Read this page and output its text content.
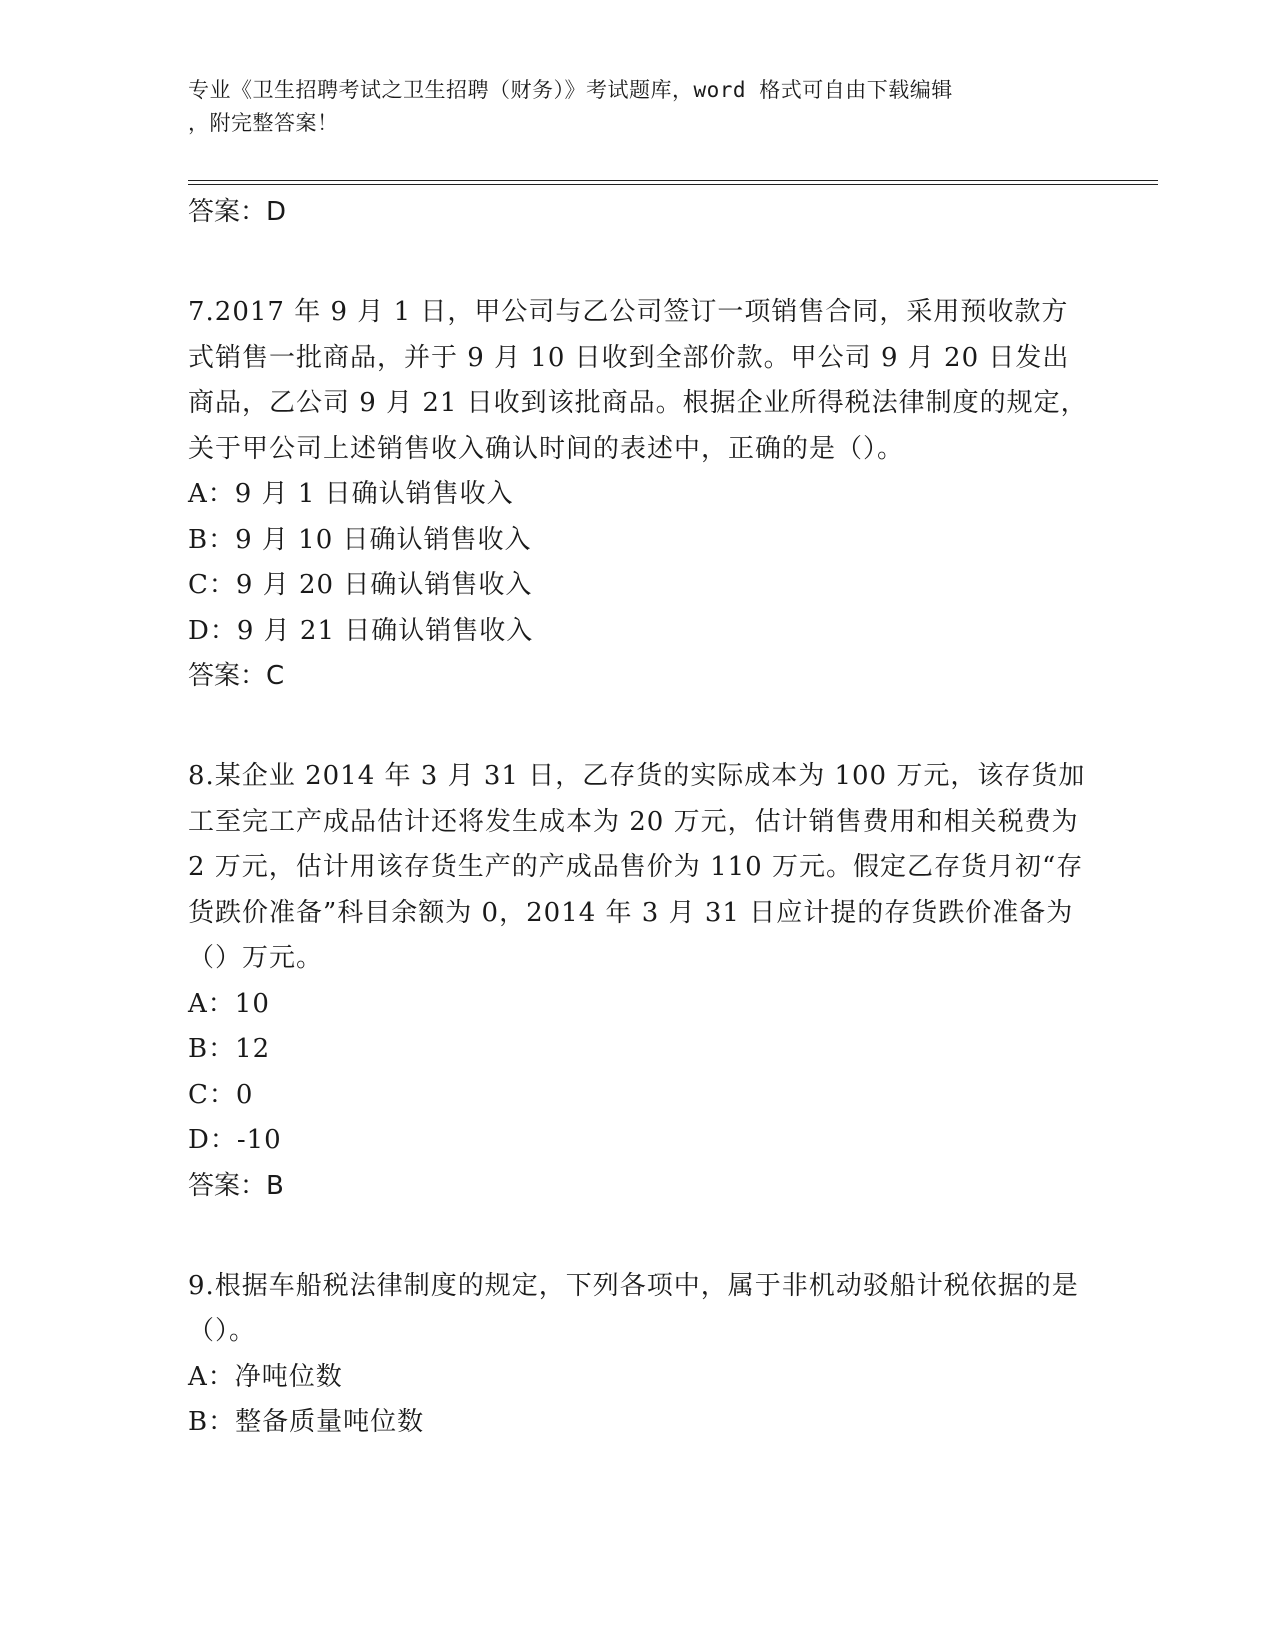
专业《卫生招聘考试之卫生招聘（财务）》考试题库，word 格式可自由下载编辑

，附完整答案！

答案：D

7.2017 年 9 月 1 日，甲公司与乙公司签订一项销售合同，采用预收款方式销售一批商品，并于 9 月 10 日收到全部价款。甲公司 9 月 20 日发出商品，乙公司 9 月 21 日收到该批商品。根据企业所得税法律制度的规定，关于甲公司上述销售收入确认时间的表述中，正确的是（）。

A：9 月 1 日确认销售收入

B：9 月 10 日确认销售收入

C：9 月 20 日确认销售收入

D：9 月 21 日确认销售收入

答案：C

8.某企业 2014 年 3 月 31 日，乙存货的实际成本为 100 万元，该存货加工至完工产成品估计还将发生成本为 20 万元，估计销售费用和相关税费为 2 万元，估计用该存货生产的产成品售价为 110 万元。假定乙存货月初“存货跌价准备”科目余额为 0，2014 年 3 月 31 日应计提的存货跌价准备为（）万元。

A：10

B：12

C：0

D：-10

答案：B

9.根据车船税法律制度的规定，下列各项中，属于非机动驳船计税依据的是（）。

A：净吨位数

B：整备质量吨位数
